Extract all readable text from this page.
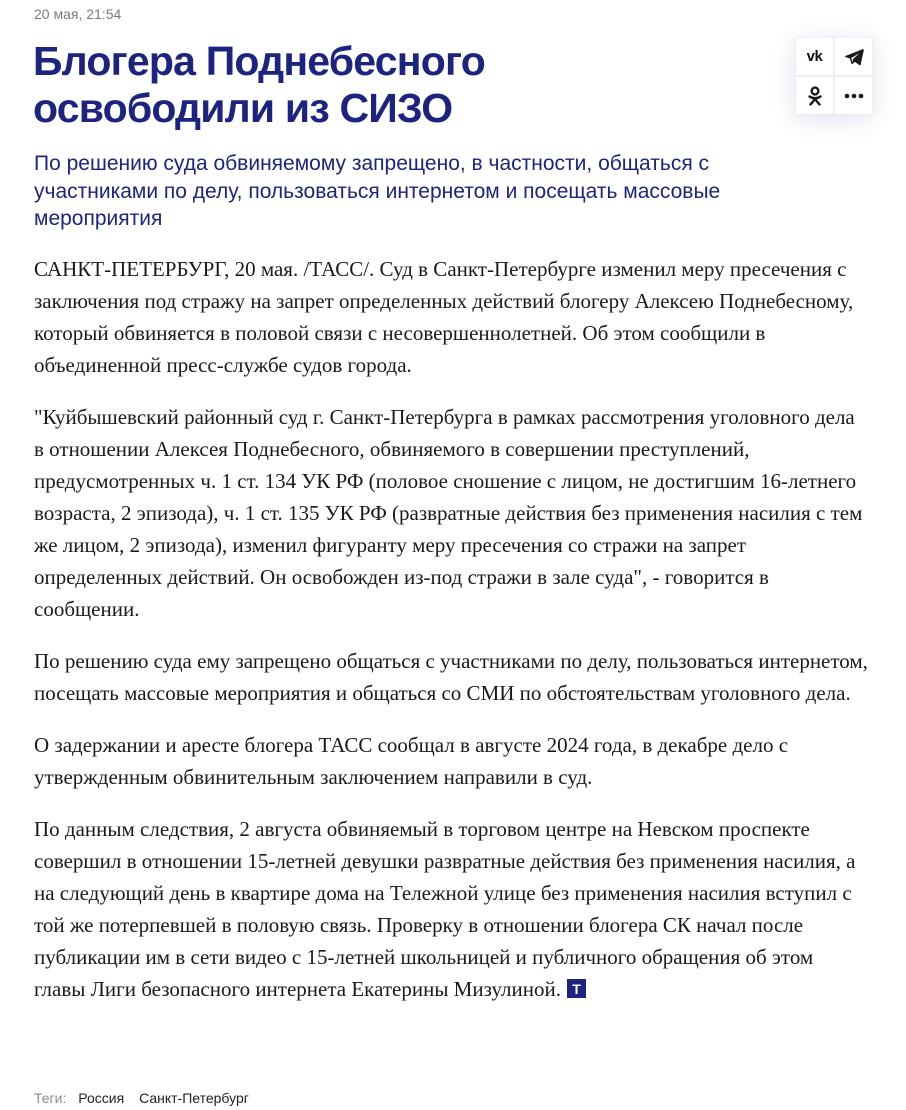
20 мая, 21:54
Блогера Поднебесного освободили из СИЗО
vk

По решению суда обвиняемому запрещено, в частности, общаться с участниками по делу, пользоваться интернетом и посещать массовые мероприятия

САНКТ-ПЕТЕРБУРГ, 20 мая. /ТАСС/. Суд в Санкт-Петербурге изменил меру пресечения с заключения под стражу на запрет определенных действий блогеру Алексею Поднебесному, который обвиняется в половой связи с несовершеннолетней. Об этом сообщили в объединенной пресс-службе судов города.

"Куйбышевский районный суд г. Санкт-Петербурга в рамках рассмотрения уголовного дела в отношении Алексея Поднебесного, обвиняемого в совершении преступлений, предусмотренных ч. 1 ст. 134 УК РФ (половое сношение с лицом, не достигшим 16-летнего возраста, 2 эпизода), ч. 1 ст. 135 УК РФ (развратные действия без применения насилия с тем же лицом, 2 эпизода), изменил фигуранту меру пресечения со стражи на запрет определенных действий. Он освобожден из-под стражи в зале суда", - говорится в сообщении.

По решению суда ему запрещено общаться с участниками по делу, пользоваться интернетом, посещать массовые мероприятия и общаться со СМИ по обстоятельствам уголовного дела.

О задержании и аресте блогера ТАСС сообщал в августе 2024 года, в декабре дело с утвержденным обвинительным заключением направили в суд.

По данным следствия, 2 августа обвиняемый в торговом центре на Невском проспекте совершил в отношении 15-летней девушки развратные действия без применения насилия, а на следующий день в квартире дома на Тележной улице без применения насилия вступил с той же потерпевшей в половую связь. Проверку в отношении блогера СК начал после публикации им в сети видео с 15-летней школьницей и публичного обращения об этом главы Лиги безопасного интернета Екатерины Мизулиной. Т

Теги: Россия Санкт-Петербург
